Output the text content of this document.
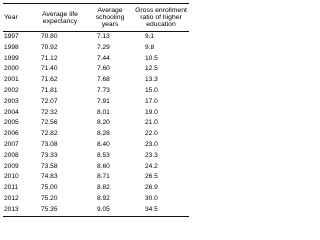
Year	Average life expectancy	Average schooling years	Gross enrollment ratio of higher education
1997	70.80	7.13	9.1
1998	70.92	7.29	9.8
1999	71.12	7.44	10.5
2000	71.40	7.60	12.5
2001	71.62	7.68	13.3
2002	71.81	7.73	15.0
2003	72.07	7.91	17.0
2004	72.32	8.01	19.0
2005	72.56	8.20	21.0
2006	72.82	8.28	22.0
2007	73.08	8.40	23.0
2008	73.33	8.53	23.3
2009	73.58	8.60	24.2
2010	74.83	8.71	26.5
2011	75.00	8.82	26.9
2012	75.20	8.92	30.0
2013	75.35	9.05	34.5
